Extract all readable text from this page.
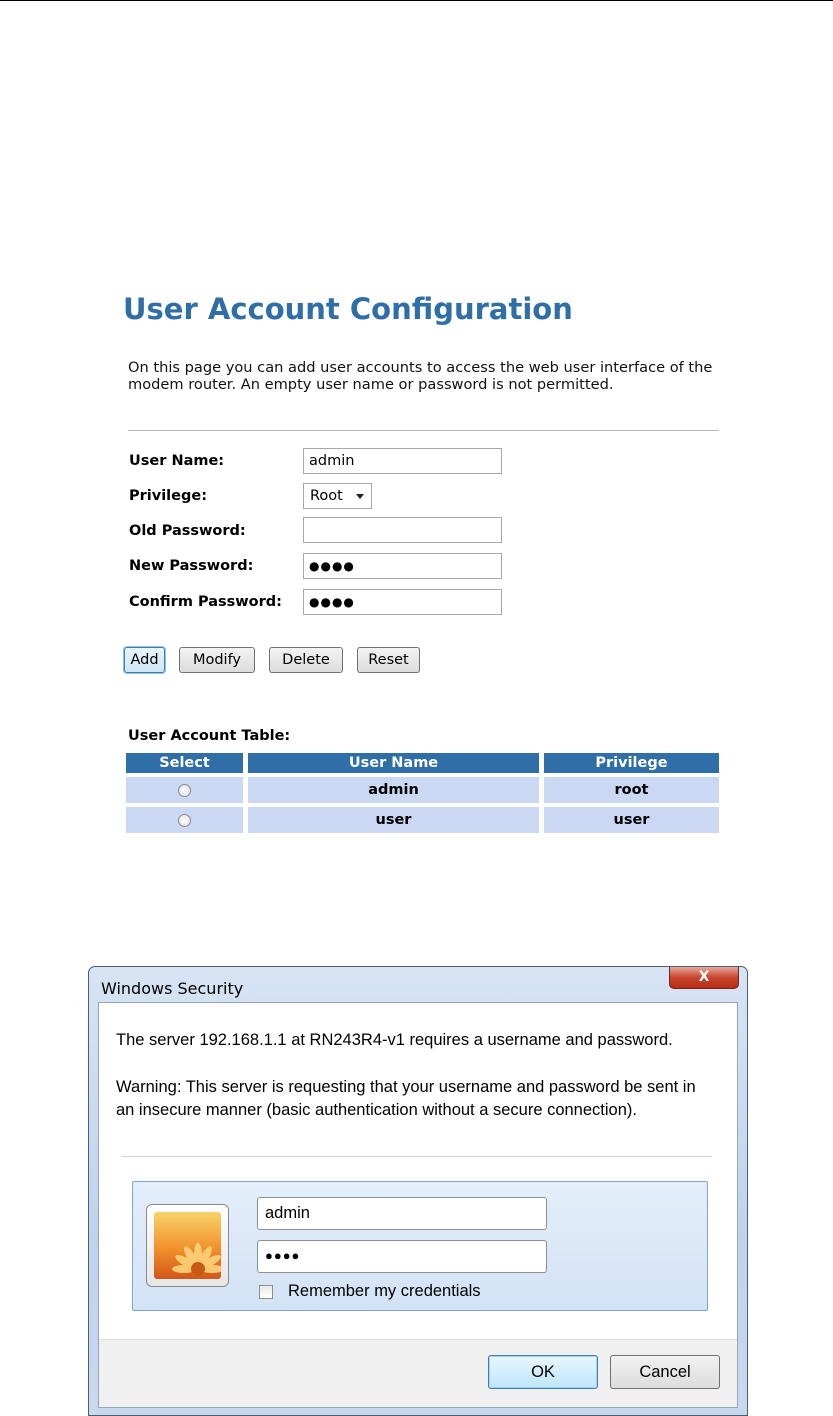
User Account Configuration
On this page you can add user accounts to access the web user interface of the modem router. An empty user name or password is not permitted.
User Name:	admin
Privilege:	Root
Old Password:
New Password:	●●●●
Confirm Password:	●●●●
Add	Modify	Delete	Reset
User Account Table:
Select	User Name	Privilege
	admin	root
	user	user
Windows Security
X
The server 192.168.1.1 at RN243R4-v1 requires a username and password.
Warning: This server is requesting that your username and password be sent in an insecure manner (basic authentication without a secure connection).
admin
●●●●
Remember my credentials
OK	Cancel
